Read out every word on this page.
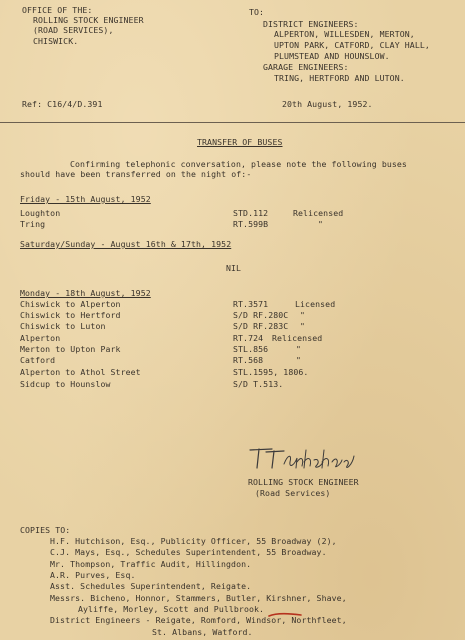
OFFICE OF THE:
ROLLING STOCK ENGINEER
(ROAD SERVICES),
CHISWICK.
TO:
DISTRICT ENGINEERS:
ALPERTON, WILLESDEN, MERTON,
UPTON PARK, CATFORD, CLAY HALL,
PLUMSTEAD AND HOUNSLOW.
GARAGE ENGINEERS:
TRING, HERTFORD AND LUTON.
Ref: C16/4/D.391	20th August, 1952.
TRANSFER OF BUSES
Confirming telephonic conversation, please note the following buses
should have been transferred on the night of:-
Friday - 15th August, 1952
Loughton	STD.112	Relicensed
Tring	RT.599B	"
Saturday/Sunday - August 16th & 17th, 1952
NIL
Monday - 18th August, 1952
Chiswick to Alperton	RT.3571	Licensed
Chiswick to Hertford	S/D RF.280C "
Chiswick to Luton	S/D RF.283C "
Alperton	RT.724 Relicensed
Merton to Upton Park	STL.856	"
Catford	RT.568	"
Alperton to Athol Street	STL.1595, 1806.
Sidcup to Hounslow	S/D T.513.
ROLLING STOCK ENGINEER
(Road Services)
COPIES TO:
H.F. Hutchison, Esq., Publicity Officer, 55 Broadway (2),
C.J. Mays, Esq., Schedules Superintendent, 55 Broadway.
Mr. Thompson, Traffic Audit, Hillingdon.
A.R. Purves, Esq.
Asst. Schedules Superintendent, Reigate.
Messrs. Bicheno, Honnor, Stammers, Butler, Kirshner, Shave,
Ayliffe, Morley, Scott and Pullbrook.
District Engineers - Reigate, Romford, Windsor, Northfleet,
St. Albans, Watford.
